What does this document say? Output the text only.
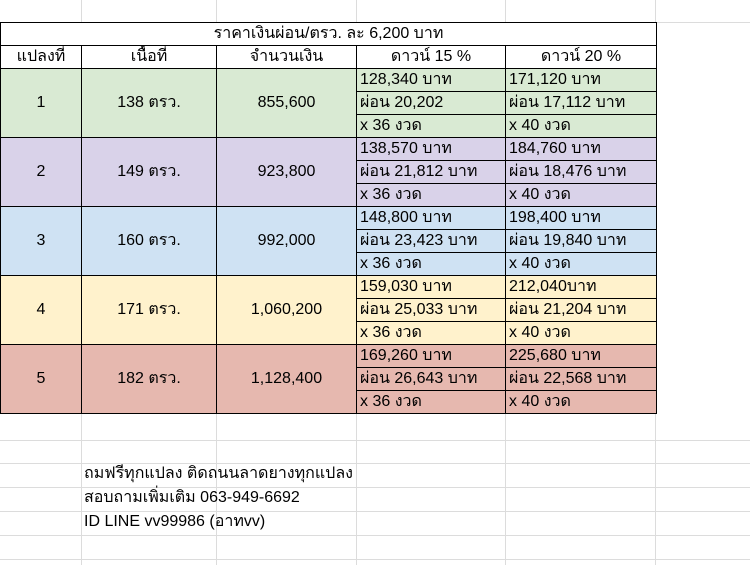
ราคาเงินผ่อน/ตรว. ละ 6,200 บาท				
แปลงที่	เนื้อที่	จำนวนเงิน	ดาวน์ 15 %	ดาวน์ 20 %
1	138 ตรว.	855,600	128,340 บาท	171,120 บาท
			ผ่อน 20,202	ผ่อน 17,112 บาท
			x 36 งวด	x 40 งวด
2	149 ตรว.	923,800	138,570 บาท	184,760 บาท
			ผ่อน 21,812 บาท	ผ่อน 18,476 บาท
			x 36 งวด	x 40 งวด
3	160 ตรว.	992,000	148,800 บาท	198,400 บาท
			ผ่อน 23,423 บาท	ผ่อน 19,840 บาท
			x 36 งวด	x 40 งวด
4	171 ตรว.	1,060,200	159,030 บาท	212,040บาท
			ผ่อน 25,033 บาท	ผ่อน 21,204 บาท
			x 36 งวด	x 40 งวด
5	182 ตรว.	1,128,400	169,260 บาท	225,680 บาท
			ผ่อน 26,643 บาท	ผ่อน 22,568 บาท
			x 36 งวด	x 40 งวด
ถมฟรีทุกแปลง ติดถนนลาดยางทุกแปลง
สอบถามเพิ่มเติม 063-949-6692
ID LINE vv99986 (อาทvv)
